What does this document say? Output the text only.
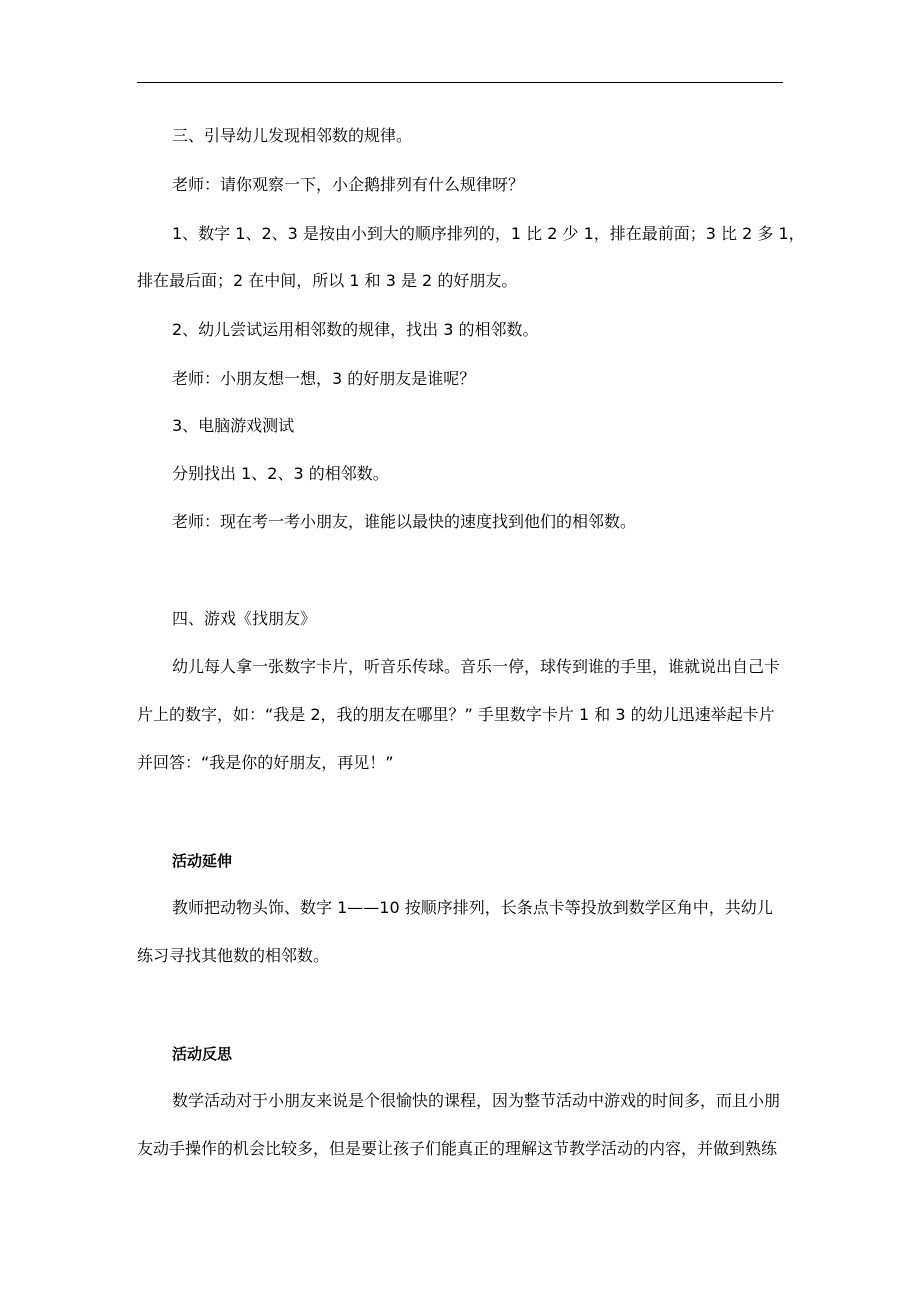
三、引导幼儿发现相邻数的规律。
老师：请你观察一下，小企鹅排列有什么规律呀？
1、数字 1、2、3 是按由小到大的顺序排列的，1 比 2 少 1，排在最前面；3 比 2 多 1，
排在最后面；2 在中间，所以 1 和 3 是 2 的好朋友。
2、幼儿尝试运用相邻数的规律，找出 3 的相邻数。
老师：小朋友想一想，3 的好朋友是谁呢？
3、电脑游戏测试
分别找出 1、2、3 的相邻数。
老师：现在考一考小朋友，谁能以最快的速度找到他们的相邻数。
四、游戏《找朋友》
幼儿每人拿一张数字卡片，听音乐传球。音乐一停，球传到谁的手里，谁就说出自己卡
片上的数字，如：“我是 2，我的朋友在哪里？” 手里数字卡片 1 和 3 的幼儿迅速举起卡片
并回答：“我是你的好朋友，再见！”
活动延伸
教师把动物头饰、数字 1——10 按顺序排列，长条点卡等投放到数学区角中，共幼儿
练习寻找其他数的相邻数。
活动反思
数学活动对于小朋友来说是个很愉快的课程，因为整节活动中游戏的时间多，而且小朋
友动手操作的机会比较多，但是要让孩子们能真正的理解这节教学活动的内容，并做到熟练
